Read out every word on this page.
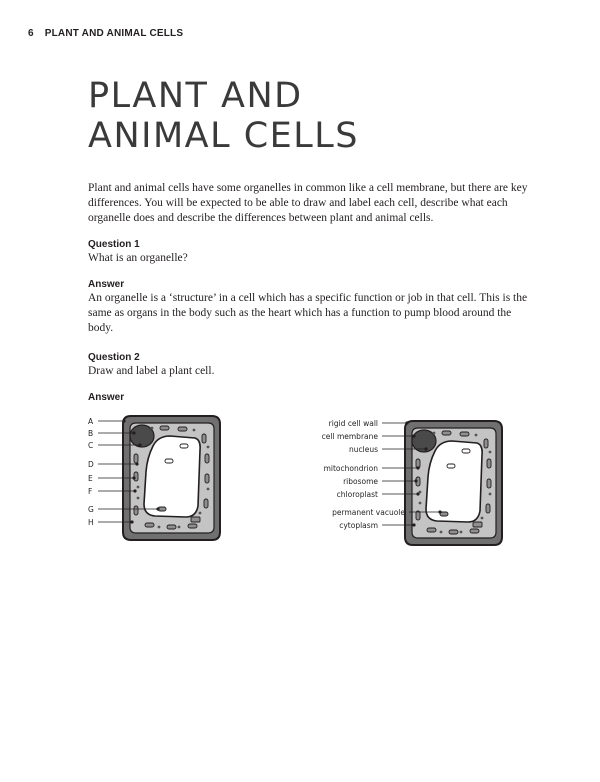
6 PLANT AND ANIMAL CELLS
PLANT AND
ANIMAL CELLS

Plant and animal cells have some organelles in common like a cell membrane, but there are key differences. You will be expected to be able to draw and label each cell, describe what each organelle does and describe the differences between plant and animal cells.

Question 1

What is an organelle?

Answer

An organelle is a ‘structure’ in a cell which has a specific function or job in that cell. This is the same as organs in the body such as the heart which has a function to pump blood around the body.

Question 2

Draw and label a plant cell.

Answer

A
B
C
D
E
F
G
H
rigid cell wall
cell membrane
nucleus
mitochondrion
ribosome
chloroplast
permanent vacuole
cytoplasm
